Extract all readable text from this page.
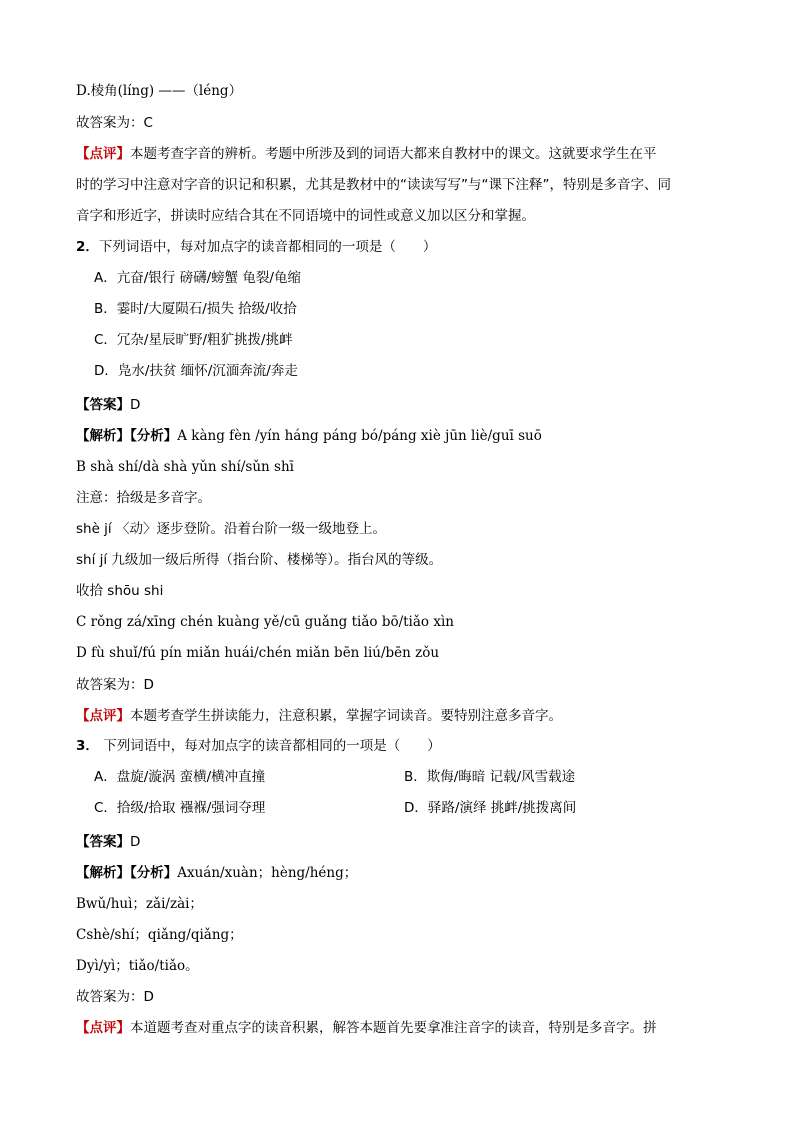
D.棱角(líng) ——（léng）
故答案为：C
【点评】本题考查字音的辨析。考题中所涉及到的词语大都来自教材中的课文。这就要求学生在平
时的学习中注意对字音的识记和积累，尤其是教材中的“读读写写”与“课下注释”，特别是多音字、同
音字和形近字，拼读时应结合其在不同语境中的词性或意义加以区分和掌握。
2．下列词语中，每对加点字的读音都相同的一项是（　　）
A．亢奋/银行 磅礴/螃蟹 龟裂/龟缩
B．霎时/大厦陨石/损失 拾级/收拾
C．冗杂/星辰旷野/粗犷挑拨/挑衅
D．凫水/扶贫 缅怀/沉湎奔流/奔走
【答案】D
【解析】【分析】A kàng fèn /yín háng páng bó/páng xiè jūn liè/guī suō
B shà shí/dà shà yǔn shí/sǔn shī
注意：拾级是多音字。
shè jí 〈动〉逐步登阶。沿着台阶一级一级地登上。
shí jí 九级加一级后所得（指台阶、楼梯等）。指台风的等级。
收拾 shōu shi
C rǒng zá/xīng chén kuàng yě/cū guǎng tiǎo bō/tiǎo xìn
D fù shuǐ/fú pín miǎn huái/chén miǎn bēn liú/bēn zǒu
故答案为：D
【点评】本题考查学生拼读能力，注意积累，掌握字词读音。要特别注意多音字。
3． 下列词语中，每对加点字的读音都相同的一项是（　　）
A．盘旋/漩涡 蛮横/横冲直撞	B．欺侮/晦暗 记载/风雪载途
C．拾级/拾取 襁褓/强词夺理	D．驿路/演绎 挑衅/挑拨离间
【答案】D
【解析】【分析】Axuán/xuàn；hèng/héng；
Bwǔ/huì；zǎi/zài；
Cshè/shí；qiǎng/qiǎng；
Dyì/yì；tiǎo/tiǎo。
故答案为：D
【点评】本道题考查对重点字的读音积累，解答本题首先要拿准注音字的读音，特别是多音字。拼
